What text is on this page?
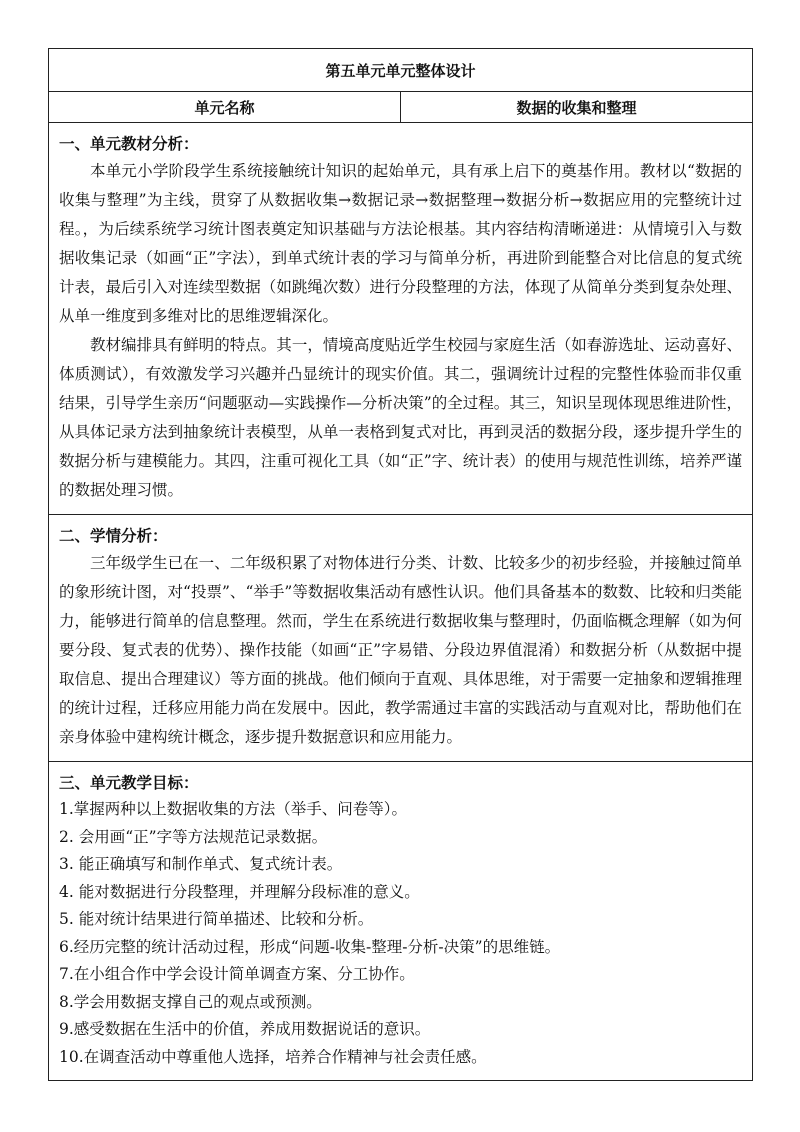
第五单元单元整体设计
单元名称	数据的收集和整理

一、单元教材分析：

本单元小学阶段学生系统接触统计知识的起始单元，具有承上启下的奠基作用。教材以“数据的收集与整理”为主线，贯穿了从数据收集→数据记录→数据整理→数据分析→数据应用的完整统计过程。，为后续系统学习统计图表奠定知识基础与方法论根基。其内容结构清晰递进：从情境引入与数据收集记录（如画“正”字法），到单式统计表的学习与简单分析，再进阶到能整合对比信息的复式统计表，最后引入对连续型数据（如跳绳次数）进行分段整理的方法，体现了从简单分类到复杂处理、从单一维度到多维对比的思维逻辑深化。

教材编排具有鲜明的特点。其一，情境高度贴近学生校园与家庭生活（如春游选址、运动喜好、体质测试），有效激发学习兴趣并凸显统计的现实价值。其二，强调统计过程的完整性体验而非仅重结果，引导学生亲历“问题驱动—实践操作—分析决策”的全过程。其三，知识呈现体现思维进阶性，从具体记录方法到抽象统计表模型，从单一表格到复式对比，再到灵活的数据分段，逐步提升学生的数据分析与建模能力。其四，注重可视化工具（如“正”字、统计表）的使用与规范性训练，培养严谨的数据处理习惯。

二、学情分析：

三年级学生已在一、二年级积累了对物体进行分类、计数、比较多少的初步经验，并接触过简单的象形统计图，对“投票”、“举手”等数据收集活动有感性认识。他们具备基本的数数、比较和归类能力，能够进行简单的信息整理。然而，学生在系统进行数据收集与整理时，仍面临概念理解（如为何要分段、复式表的优势）、操作技能（如画“正”字易错、分段边界值混淆）和数据分析（从数据中提取信息、提出合理建议）等方面的挑战。他们倾向于直观、具体思维，对于需要一定抽象和逻辑推理的统计过程，迁移应用能力尚在发展中。因此，教学需通过丰富的实践活动与直观对比，帮助他们在亲身体验中建构统计概念，逐步提升数据意识和应用能力。

三、单元教学目标：

1.掌握两种以上数据收集的方法（举手、问卷等）。

2. 会用画“正”字等方法规范记录数据。

3. 能正确填写和制作单式、复式统计表。

4. 能对数据进行分段整理，并理解分段标准的意义。

5. 能对统计结果进行简单描述、比较和分析。

6.经历完整的统计活动过程，形成“问题-收集-整理-分析-决策”的思维链。

7.在小组合作中学会设计简单调查方案、分工协作。

8.学会用数据支撑自己的观点或预测。

9.感受数据在生活中的价值，养成用数据说话的意识。

10.在调查活动中尊重他人选择，培养合作精神与社会责任感。
